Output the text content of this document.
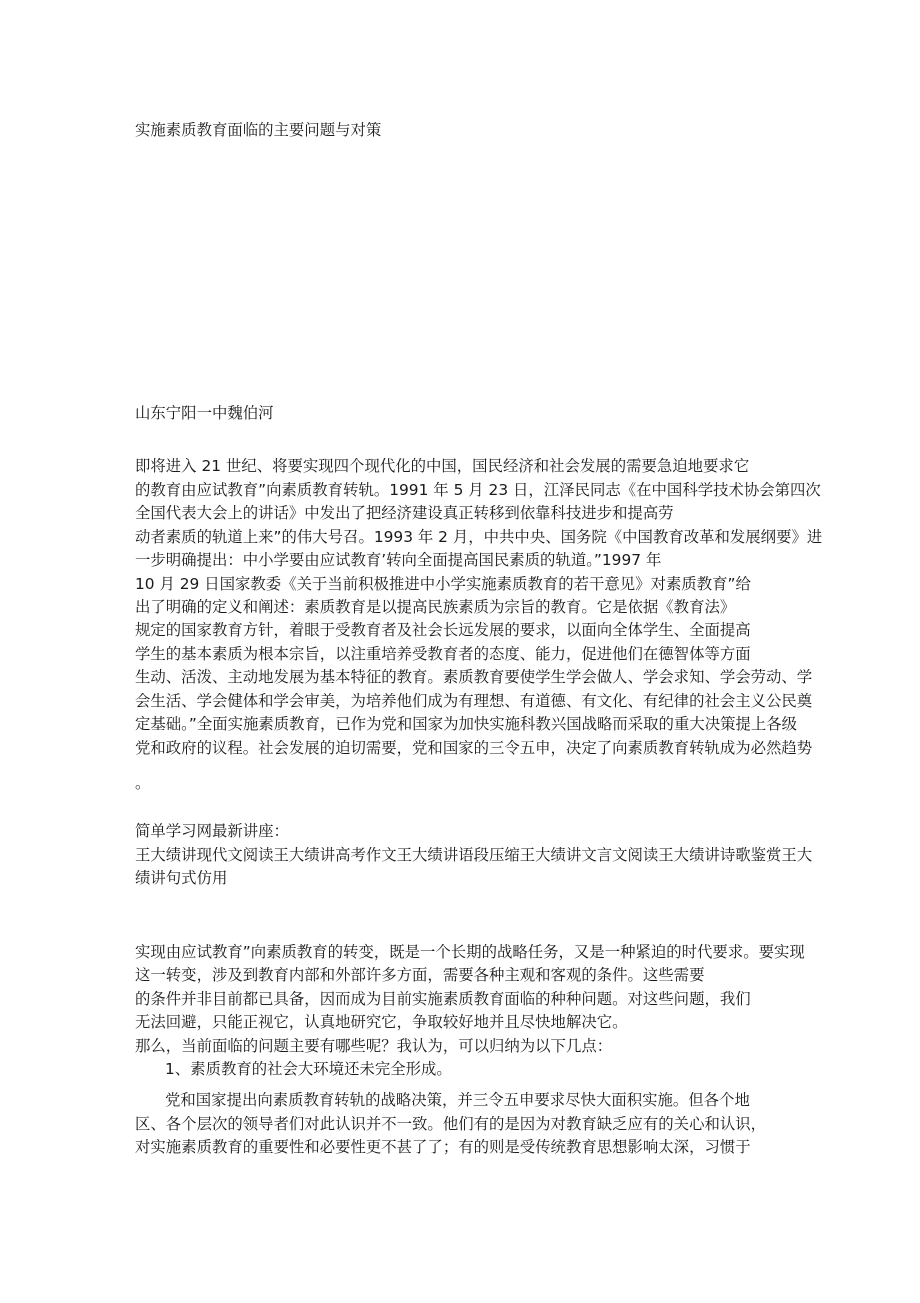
实施素质教育面临的主要问题与对策
山东宁阳一中魏伯河
即将进入 21 世纪、将要实现四个现代化的中国，国民经济和社会发展的需要急迫地要求它
的教育由应试教育”向素质教育转轨。1991 年 5 月 23 日，江泽民同志《在中国科学技术协会第四次
全国代表大会上的讲话》中发出了把经济建设真正转移到依靠科技进步和提高劳
动者素质的轨道上来”的伟大号召。1993 年 2 月，中共中央、国务院《中国教育改革和发展纲要》进
一步明确提出：中小学要由应试教育’转向全面提高国民素质的轨道。”1997 年
10 月 29 日国家教委《关于当前积极推进中小学实施素质教育的若干意见》对素质教育”给
出了明确的定义和阐述：素质教育是以提高民族素质为宗旨的教育。它是依据《教育法》
规定的国家教育方针，着眼于受教育者及社会长远发展的要求，以面向全体学生、全面提高
学生的基本素质为根本宗旨，以注重培养受教育者的态度、能力，促进他们在德智体等方面
生动、活泼、主动地发展为基本特征的教育。素质教育要使学生学会做人、学会求知、学会劳动、学
会生活、学会健体和学会审美，为培养他们成为有理想、有道德、有文化、有纪律的社会主义公民奠
定基础。”全面实施素质教育，已作为党和国家为加快实施科教兴国战略而采取的重大决策提上各级
党和政府的议程。社会发展的迫切需要，党和国家的三令五申，决定了向素质教育转轨成为必然趋势
。
简单学习网最新讲座：
王大绩讲现代文阅读王大绩讲高考作文王大绩讲语段压缩王大绩讲文言文阅读王大绩讲诗歌鉴赏王大
绩讲句式仿用
实现由应试教育”向素质教育的转变，既是一个长期的战略任务，又是一种紧迫的时代要求。要实现
这一转变，涉及到教育内部和外部许多方面，需要各种主观和客观的条件。这些需要
的条件并非目前都已具备，因而成为目前实施素质教育面临的种种问题。对这些问题，我们
无法回避，只能正视它，认真地研究它，争取较好地并且尽快地解决它。
那么，当前面临的问题主要有哪些呢？我认为，可以归纳为以下几点：
1、素质教育的社会大环境还未完全形成。
党和国家提出向素质教育转轨的战略决策，并三令五申要求尽快大面积实施。但各个地
区、各个层次的领导者们对此认识并不一致。他们有的是因为对教育缺乏应有的关心和认识，
对实施素质教育的重要性和必要性更不甚了了；有的则是受传统教育思想影响太深，习惯于
